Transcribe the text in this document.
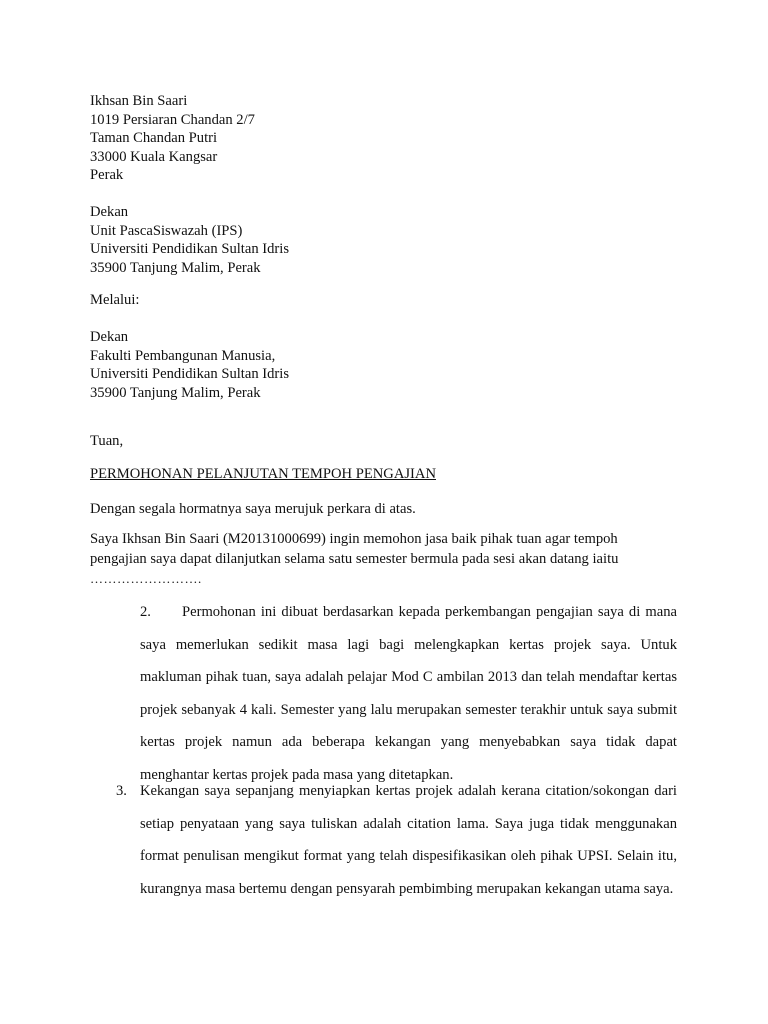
Ikhsan Bin Saari
1019 Persiaran Chandan 2/7
Taman Chandan Putri
33000 Kuala Kangsar
Perak
Dekan
Unit PascaSiswazah (IPS)
Universiti Pendidikan Sultan Idris
35900 Tanjung Malim, Perak
Melalui:
Dekan
Fakulti Pembangunan Manusia,
Universiti Pendidikan Sultan Idris
35900 Tanjung Malim, Perak
Tuan,
PERMOHONAN PELANJUTAN TEMPOH PENGAJIAN
Dengan segala hormatnya saya merujuk perkara di atas.
Saya Ikhsan Bin Saari (M20131000699) ingin memohon jasa baik pihak tuan agar tempoh
pengajian saya dapat dilanjutkan selama satu semester bermula pada sesi akan datang iaitu
…………………….
2. Permohonan ini dibuat berdasarkan kepada perkembangan pengajian saya di mana saya memerlukan sedikit masa lagi bagi melengkapkan kertas projek saya. Untuk makluman pihak tuan, saya adalah pelajar Mod C ambilan 2013 dan telah mendaftar kertas projek sebanyak 4 kali. Semester yang lalu merupakan semester terakhir untuk saya submit kertas projek namun ada beberapa kekangan yang menyebabkan saya tidak dapat menghantar kertas projek pada masa yang ditetapkan.
3. Kekangan saya sepanjang menyiapkan kertas projek adalah kerana citation/sokongan dari setiap penyataan yang saya tuliskan adalah citation lama. Saya juga tidak menggunakan format penulisan mengikut format yang telah dispesifikasikan oleh pihak UPSI. Selain itu, kurangnya masa bertemu dengan pensyarah pembimbing merupakan kekangan utama saya.
